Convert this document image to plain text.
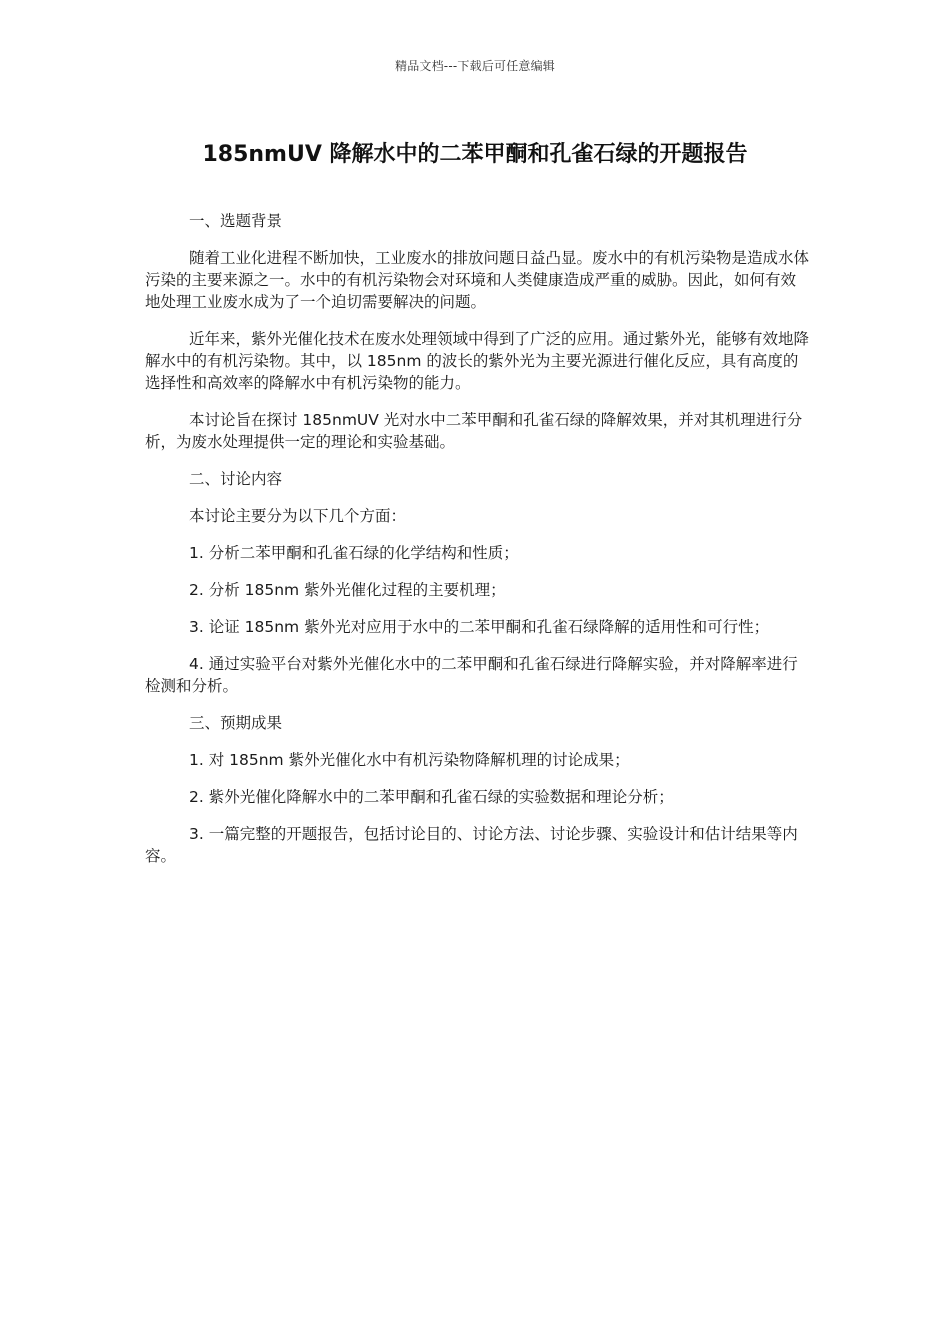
精品文档---下载后可任意编辑
185nmUV 降解水中的二苯甲酮和孔雀石绿的开题报告

一、选题背景

随着工业化进程不断加快，工业废水的排放问题日益凸显。废水中的有机污染物是造成水体污染的主要来源之一。水中的有机污染物会对环境和人类健康造成严重的威胁。因此，如何有效地处理工业废水成为了一个迫切需要解决的问题。

近年来，紫外光催化技术在废水处理领域中得到了广泛的应用。通过紫外光，能够有效地降解水中的有机污染物。其中，以 185nm 的波长的紫外光为主要光源进行催化反应，具有高度的选择性和高效率的降解水中有机污染物的能力。

本讨论旨在探讨 185nmUV 光对水中二苯甲酮和孔雀石绿的降解效果，并对其机理进行分析，为废水处理提供一定的理论和实验基础。

二、讨论内容

本讨论主要分为以下几个方面：

1. 分析二苯甲酮和孔雀石绿的化学结构和性质；

2. 分析 185nm 紫外光催化过程的主要机理；

3. 论证 185nm 紫外光对应用于水中的二苯甲酮和孔雀石绿降解的适用性和可行性；

4. 通过实验平台对紫外光催化水中的二苯甲酮和孔雀石绿进行降解实验，并对降解率进行检测和分析。

三、预期成果

1. 对 185nm 紫外光催化水中有机污染物降解机理的讨论成果；

2. 紫外光催化降解水中的二苯甲酮和孔雀石绿的实验数据和理论分析；

3. 一篇完整的开题报告，包括讨论目的、讨论方法、讨论步骤、实验设计和估计结果等内容。
